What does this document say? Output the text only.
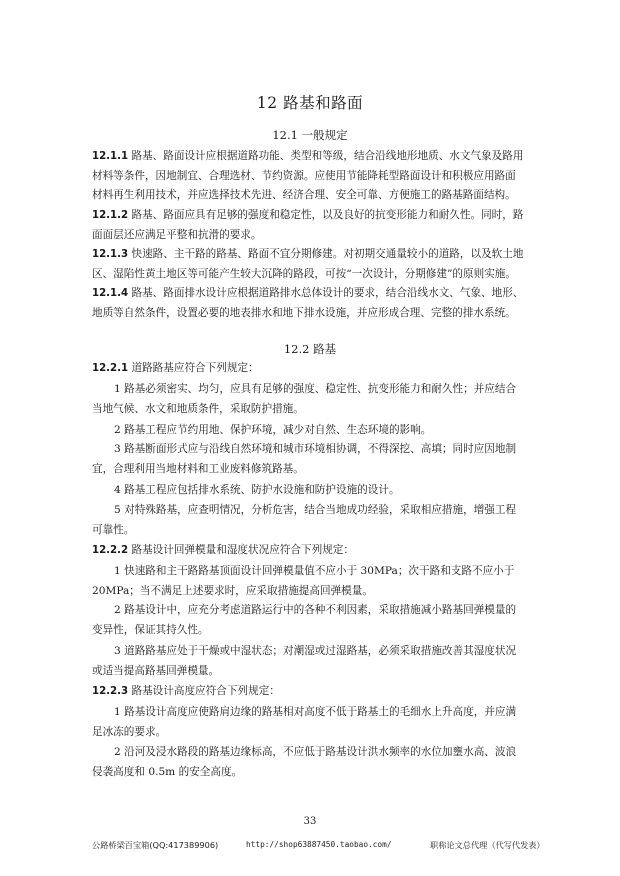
12 路基和路面
12.1 一般规定
12.1.1 路基、路面设计应根据道路功能、类型和等级，结合沿线地形地质、水文气象及路用
材料等条件，因地制宜、合理选材、节约资源。应使用节能降耗型路面设计和积极应用路面
材料再生利用技术，并应选择技术先进、经济合理、安全可靠、方便施工的路基路面结构。
12.1.2 路基、路面应具有足够的强度和稳定性，以及良好的抗变形能力和耐久性。同时，路
面面层还应满足平整和抗滑的要求。
12.1.3 快速路、主干路的路基、路面不宜分期修建。对初期交通量较小的道路，以及软土地
区、湿陷性黄土地区等可能产生较大沉降的路段，可按“一次设计，分期修建”的原则实施。
12.1.4 路基、路面排水设计应根据道路排水总体设计的要求，结合沿线水文、气象、地形、
地质等自然条件，设置必要的地表排水和地下排水设施，并应形成合理、完整的排水系统。
12.2 路基
12.2.1 道路路基应符合下列规定：
1 路基必须密实、均匀，应具有足够的强度、稳定性、抗变形能力和耐久性；并应结合
当地气候、水文和地质条件，采取防护措施。
2 路基工程应节约用地、保护环境，减少对自然、生态环境的影响。
3 路基断面形式应与沿线自然环境和城市环境相协调，不得深挖、高填；同时应因地制
宜，合理利用当地材料和工业废料修筑路基。
4 路基工程应包括排水系统、防护水设施和防护设施的设计。
5 对特殊路基，应查明情况，分析危害，结合当地成功经验，采取相应措施，增强工程
可靠性。
12.2.2 路基设计回弹模量和湿度状况应符合下列规定：
1 快速路和主干路路基顶面设计回弹模量值不应小于 30MPa；次干路和支路不应小于
20MPa；当不满足上述要求时，应采取措施提高回弹模量。
2 路基设计中，应充分考虑道路运行中的各种不利因素，采取措施减小路基回弹模量的
变异性，保证其持久性。
3 道路路基应处于干燥或中湿状态；对潮湿或过湿路基，必须采取措施改善其湿度状况
或适当提高路基回弹模量。
12.2.3 路基设计高度应符合下列规定：
1 路基设计高度应使路肩边缘的路基相对高度不低于路基土的毛细水上升高度，并应满
足冰冻的要求。
2 沿河及浸水路段的路基边缘标高，不应低于路基设计洪水频率的水位加壅水高、波浪
侵袭高度和 0.5m 的安全高度。
33
公路桥梁百宝箱(QQ:417389906)	http://shop63887450.taobao.com/	职称论文总代理（代写代发表）
